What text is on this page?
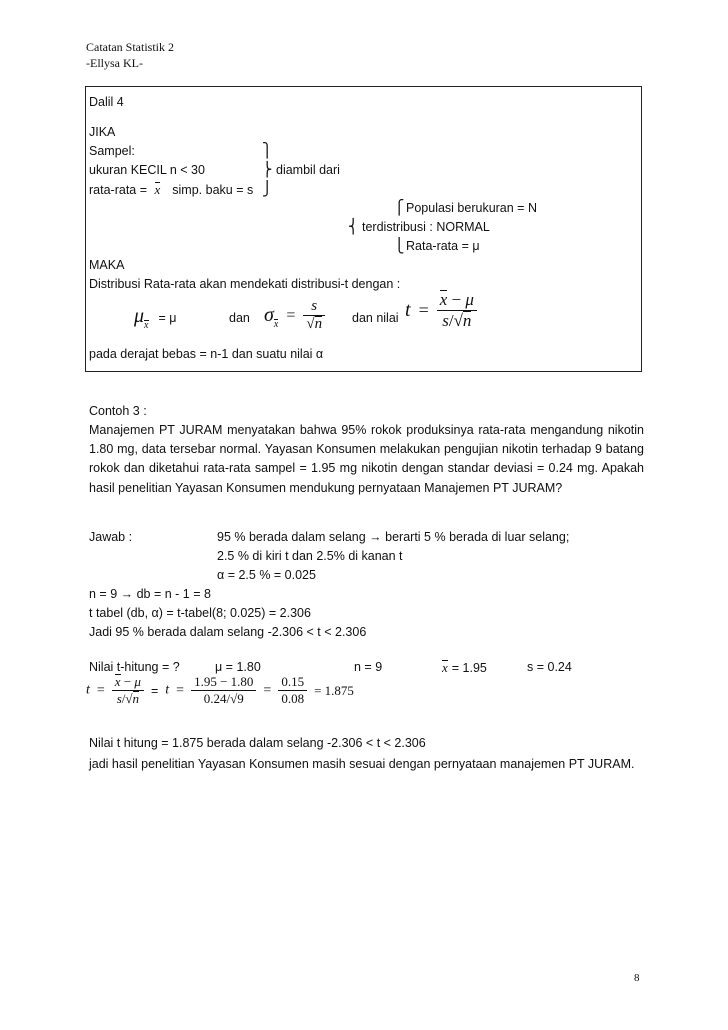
Catatan Statistik 2
-Ellysa KL-
Dalil 4
JIKA
Sampel:
ukuran KECIL n < 30
rata-rata = x simp. baku = s
⎫
⎬
⎭
diambil dari
⎧
⎨
⎩
Populasi berukuran = N
terdistribusi : NORMAL
Rata-rata = μ
MAKA
Distribusi Rata-rata akan mendekati distribusi-t dengan :
$\mu_x = \mu$	dan $\sigma_x = \frac{s}{√n}$ dan nilai $t = \frac{x - \mu}{s/√n}$
pada derajat bebas = n-1 dan suatu nilai α
Contoh 3 :
Manajemen PT JURAM menyatakan bahwa 95% rokok produksinya rata-rata mengandung nikotin 1.80 mg, data tersebar normal. Yayasan Konsumen melakukan pengujian nikotin terhadap 9 batang rokok dan diketahui rata-rata sampel = 1.95 mg nikotin dengan standar deviasi = 0.24 mg. Apakah hasil penelitian Yayasan Konsumen mendukung pernyataan Manajemen PT JURAM?
Jawab :	95 % berada dalam selang → berarti 5 % berada di luar selang;
2.5 % di kiri t dan 2.5% di kanan t
α = 2.5 % = 0.025
n = 9 → db = n - 1 = 8
t tabel (db, α) = t-tabel(8; 0.025) = 2.306
Jadi 95 % berada dalam selang -2.306 < t < 2.306
Nilai t-hitung = ?	μ = 1.80	n = 9	x = 1.95	s = 0.24
$t = \frac{x - \mu}{s/√n} = t = \frac{1.95 - 1.80}{0.24/√9} = \frac{0.15}{0.08} = 1.875$
Nilai t hitung = 1.875 berada dalam selang -2.306 < t < 2.306
jadi hasil penelitian Yayasan Konsumen masih sesuai dengan pernyataan manajemen PT JURAM.
8
